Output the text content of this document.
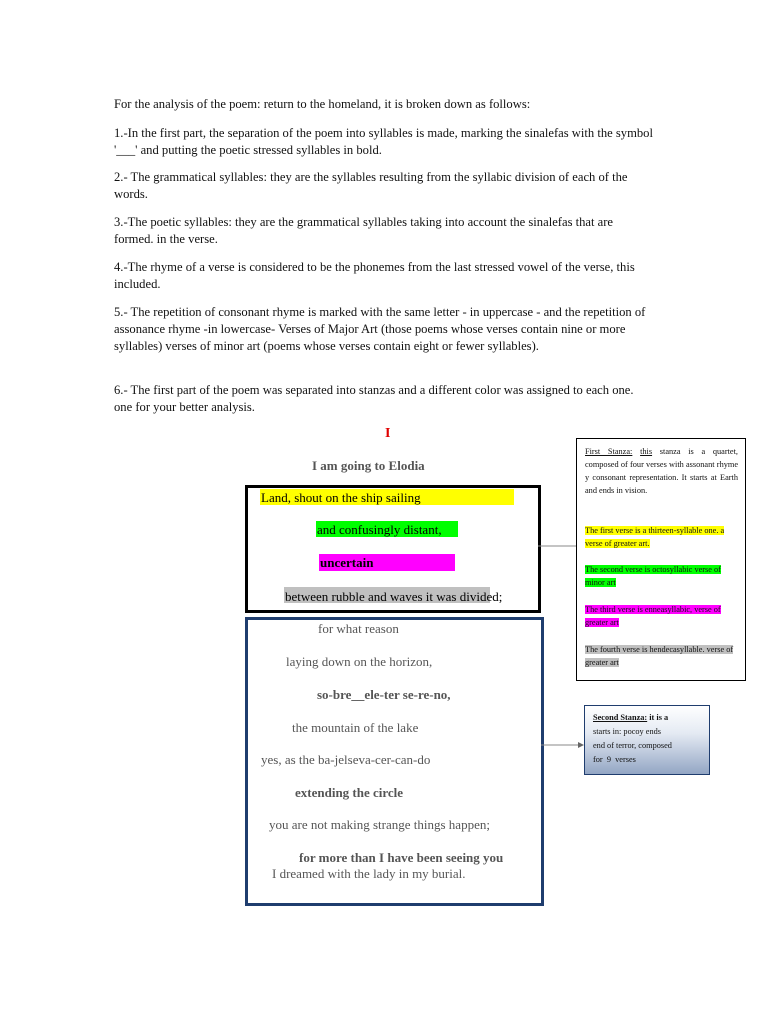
For the analysis of the poem: return to the homeland, it is broken down as follows:

1.-In the first part, the separation of the poem into syllables is made, marking the sinalefas with the symbol '___' and putting the poetic stressed syllables in bold.

2.- The grammatical syllables: they are the syllables resulting from the syllabic division of each of the words.

3.-The poetic syllables: they are the grammatical syllables taking into account the sinalefas that are formed. in the verse.

4.-The rhyme of a verse is considered to be the phonemes from the last stressed vowel of the verse, this included.

5.- The repetition of consonant rhyme is marked with the same letter - in uppercase - and the repetition of assonance rhyme -in lowercase- Verses of Major Art (those poems whose verses contain nine or more syllables) verses of minor art (poems whose verses contain eight or fewer syllables).

6.- The first part of the poem was separated into stanzas and a different color was assigned to each one. one for your better analysis.

I
I am going to Elodia
Land, shout on the ship sailing
and confusingly distant,
uncertain
between rubble and waves it was divided;
for what reason
laying down on the horizon,
so-bre__ele-ter se-re-no,
the mountain of the lake
yes, as the ba-jelseva-cer-can-do
extending the circle
you are not making strange things happen;
for more than I have been seeing you
I dreamed with the lady in my burial.

First Stanza: this stanza is a quartet, composed of four verses with assonant rhyme y consonant representation. It starts at Earth and ends in vision.

The first verse is a thirteen-syllable one. a verse of greater art.

The second verse is octosyllabic verse of minor art

The third verse is enneasyllabic, verse of greater art

The fourth verse is hendecasyllable. verse of greater art

Second Stanza: it is a
starts in: pocoy ends
end of terror, composed
for  9  verses
